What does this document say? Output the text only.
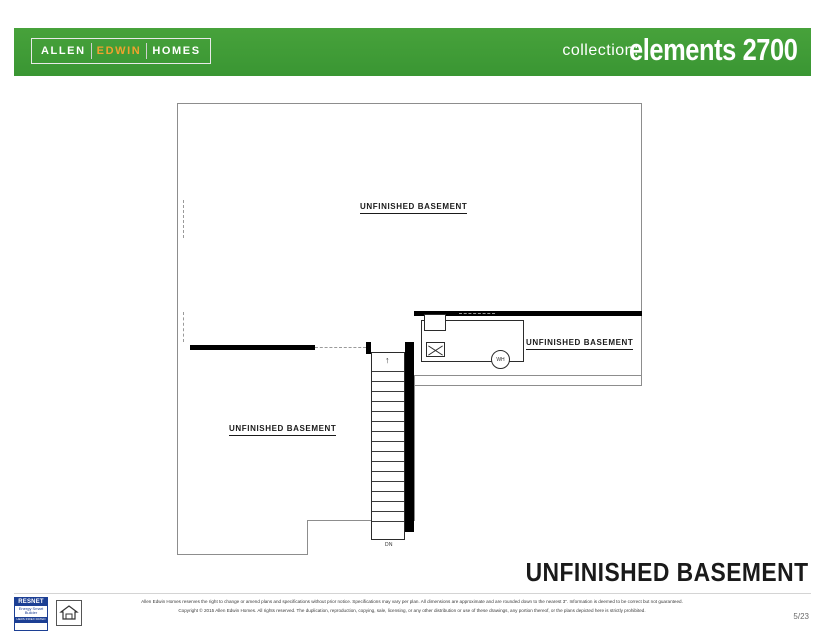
ALLEN	EDWIN	HOMES	collection:
elements 2700
UNFINISHED BASEMENT
UNFINISHED BASEMENT
UNFINISHED BASEMENT
↑
DN
WH
UNFINISHED BASEMENT
RESNET
Energy Smart Builder
HERS INDEX RATED
Allen Edwin Homes reserves the right to change or amend plans and specifications without prior notice. Specifications may vary per plan. All dimensions are approximate and are rounded down to the nearest 3". Information is deemed to be correct but not guaranteed.
Copyright © 2015 Allen Edwin Homes. All rights reserved. The duplication, reproduction, copying, sale, licensing, or any other distribution or use of these drawings, any portion thereof, or the plans depicted here is strictly prohibited.
5/23
